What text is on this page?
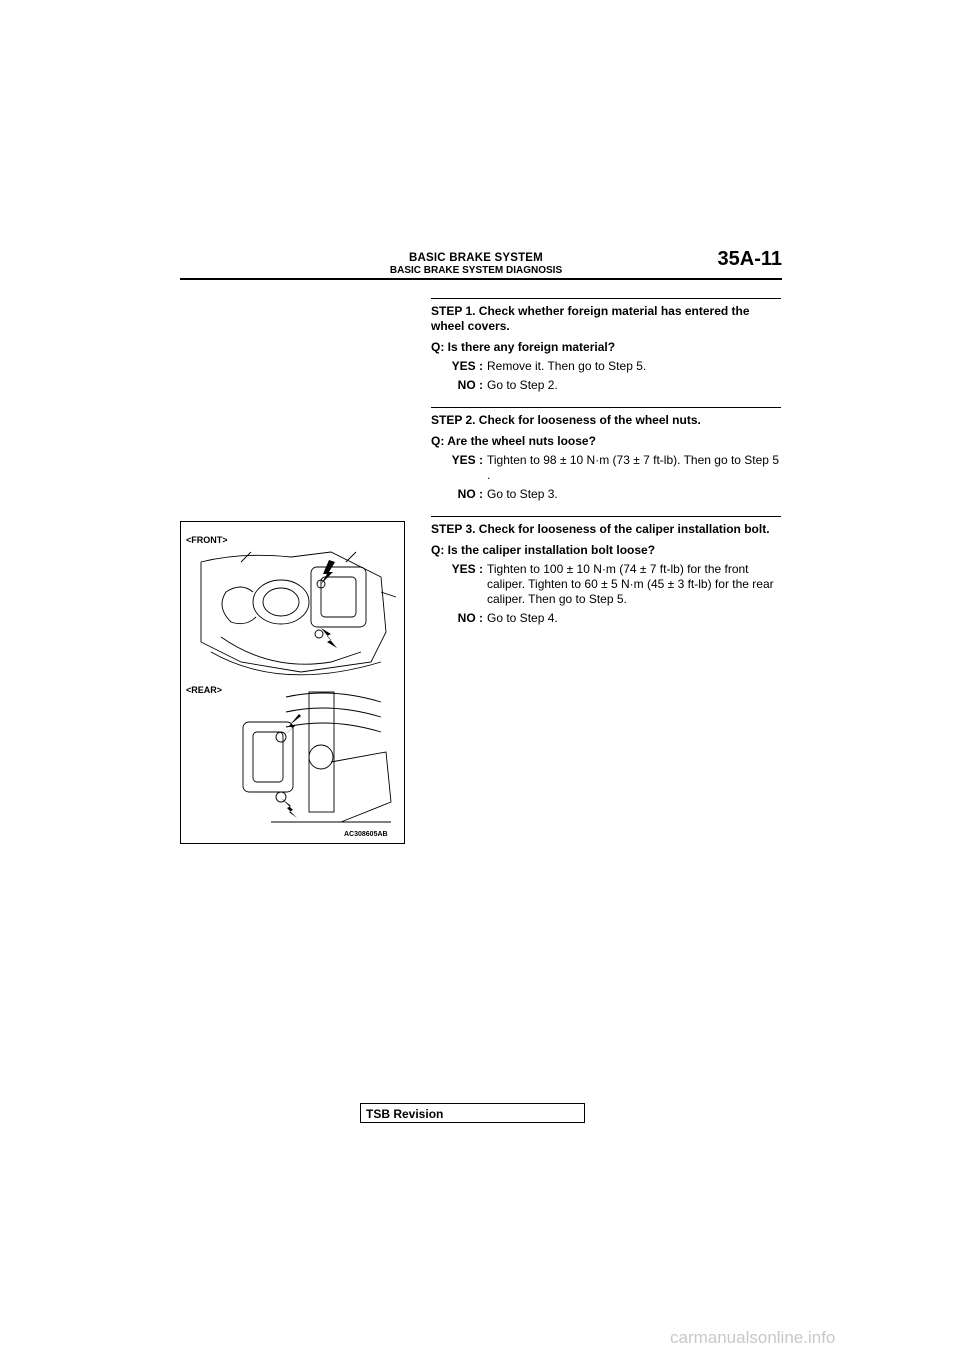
BASIC BRAKE SYSTEM
BASIC BRAKE SYSTEM DIAGNOSIS
35A-11
STEP 1. Check whether foreign material has entered the wheel covers.
Q: Is there any foreign material?
YES : Remove it. Then go to Step 5.
NO : Go to Step 2.
STEP 2. Check for looseness of the wheel nuts.
Q: Are the wheel nuts loose?
YES : Tighten to 98 ± 10 N·m (73 ± 7 ft-lb). Then go to Step 5 .
NO : Go to Step 3.
STEP 3. Check for looseness of the caliper installation bolt.
Q: Is the caliper installation bolt loose?
YES : Tighten to 100 ± 10 N·m (74 ± 7 ft-lb) for the front caliper. Tighten to 60 ± 5 N·m (45 ± 3 ft-lb) for the rear caliper. Then go to Step 5.
NO : Go to Step 4.
<FRONT>
<REAR>
AC308605AB
TSB Revision
carmanualsonline.info
